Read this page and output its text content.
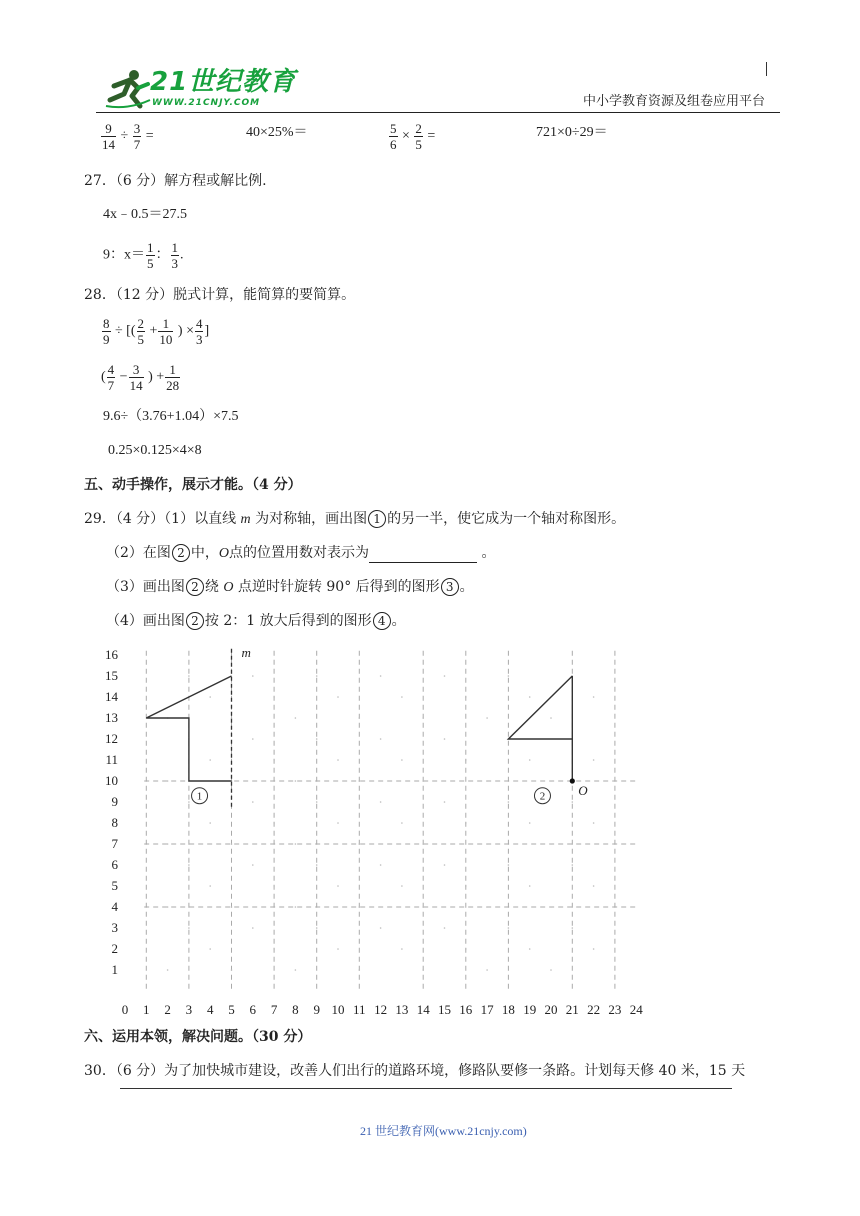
21世纪教育
WWW.21CNJY.COM	中小学教育资源及组卷应用平台
$\frac{9}{14} \div \frac{3}{7}$ =	40×25%＝	$\frac{5}{6} \times \frac{2}{5}$ =	721×0÷29＝
27．（6 分）解方程或解比例.
4x﹣0.5＝27.5
9：$x= \frac{1}{5}$ ： $\frac{1}{3}$ .
28．（12 分）脱式计算，能简算的要简算。
$\frac{8}{9}$ ÷ [( $\frac{2}{5} + \frac{1}{10}$ ) × $\frac{4}{3}$ ]
( $\frac{4}{7} - \frac{3}{14}$ ) + $\frac{1}{28}$
9.6÷（3.76+1.04）×7.5
0.25×0.125×4×8
五、动手操作，展示才能。（4 分）
29．（4 分）（1）以直线 m 为对称轴，画出图 1 的另一半，使它成为一个轴对称图形。
（2）在图 2 中，O点的位置用数对表示为	。
（3）画出图 2 绕 O 点逆时针旋转 90° 后得到的图形 3 。
（4）画出图 2 按 2：1 放大后得到的图形 4 。
0 1 2 3 4 5 6 7 8 9 10 11 12 13 14 15 16 17 18 19 20 21 22 23 24
1
2
3
4
5
6
7
8
9
10
11
12
13
14
15
16	m
O
1	2
六、运用本领，解决问题。（30 分）
30．（6 分）为了加快城市建设，改善人们出行的道路环境，修路队要修一条路。计划每天修 40 米，15 天
21 世纪教育网(www.21cnjy.com)
